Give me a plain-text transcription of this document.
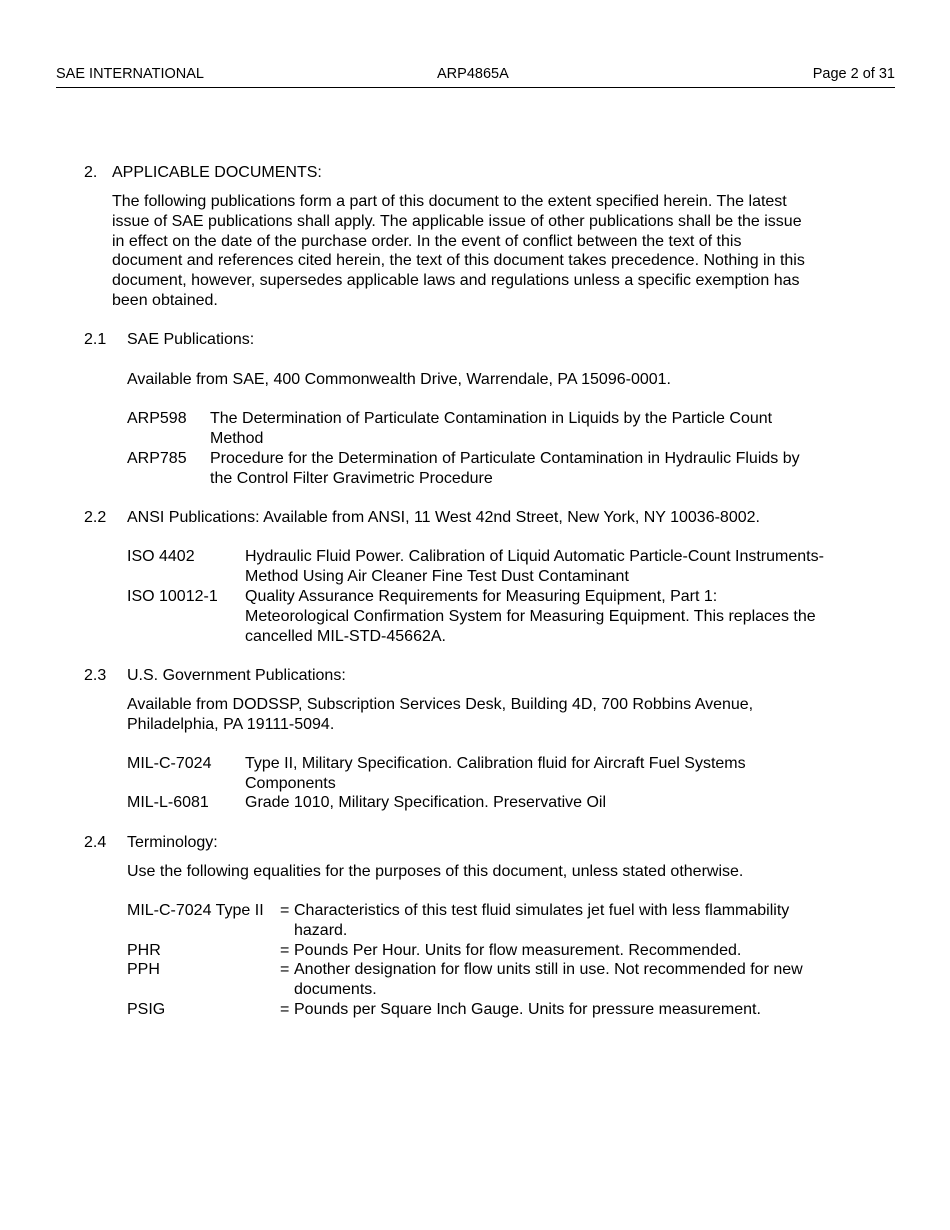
SAE INTERNATIONAL	ARP4865A	Page 2 of 31
2. APPLICABLE DOCUMENTS:
The following publications form a part of this document to the extent specified herein. The latest
issue of SAE publications shall apply. The applicable issue of other publications shall be the issue
in effect on the date of the purchase order. In the event of conflict between the text of this
document and references cited herein, the text of this document takes precedence. Nothing in this
document, however, supersedes applicable laws and regulations unless a specific exemption has
been obtained.
2.1 SAE Publications:
Available from SAE, 400 Commonwealth Drive, Warrendale, PA 15096-0001.
ARP598 The Determination of Particulate Contamination in Liquids by the Particle Count
Method
ARP785 Procedure for the Determination of Particulate Contamination in Hydraulic Fluids by
the Control Filter Gravimetric Procedure
2.2 ANSI Publications: Available from ANSI, 11 West 42nd Street, New York, NY 10036-8002.
ISO 4402	Hydraulic Fluid Power. Calibration of Liquid Automatic Particle-Count Instruments-
Method Using Air Cleaner Fine Test Dust Contaminant
ISO 10012-1 Quality Assurance Requirements for Measuring Equipment, Part 1:
Meteorological Confirmation System for Measuring Equipment. This replaces the
cancelled MIL-STD-45662A.
2.3 U.S. Government Publications:
Available from DODSSP, Subscription Services Desk, Building 4D, 700 Robbins Avenue,
Philadelphia, PA 19111-5094.
MIL-C-7024 Type II, Military Specification. Calibration fluid for Aircraft Fuel Systems
Components
MIL-L-6081 Grade 1010, Military Specification. Preservative Oil
2.4 Terminology:
Use the following equalities for the purposes of this document, unless stated otherwise.
MIL-C-7024 Type II = Characteristics of this test fluid simulates jet fuel with less flammability
hazard.
PHR	= Pounds Per Hour. Units for flow measurement. Recommended.
PPH	= Another designation for flow units still in use. Not recommended for new
documents.
PSIG	= Pounds per Square Inch Gauge. Units for pressure measurement.
